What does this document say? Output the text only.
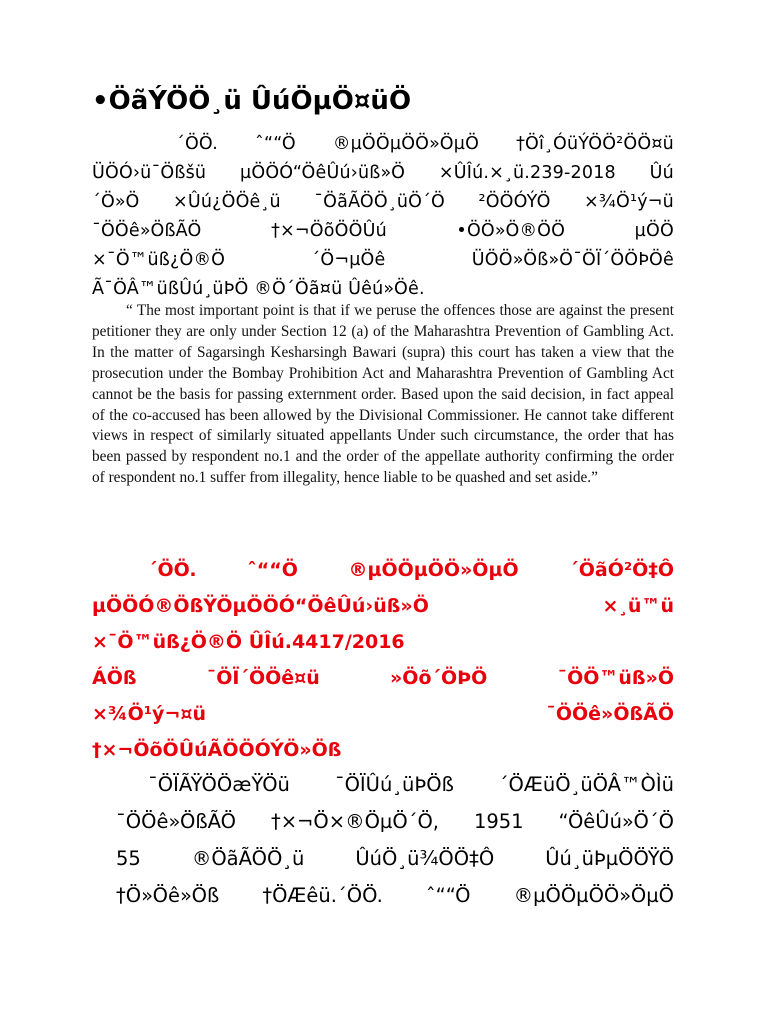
•ÖãÝÖÖ¸ü ÛúÖµÖ¤üÖ
´ÖÖ. ˆ““Ö ®µÖÖµÖÖ»ÖµÖ †Öî¸ÓüÝÖÖ²ÖÖ¤ü
ÜÖÓ›ü¯Ößšü µÖÖÓ“ÖêÛú›üß»Ö ×ÛÎú.×¸ü.239-2018 Ûú
´Ö»Ö ×Ûú¿ÖÖê¸ü ¯ÖãÃÖÖ¸üÖ´Ö ²ÖÖÓÝÖ ×¾Ö¹ý¬ü
¯ÖÖê»ÖßÃÖ	†×¬ÖõÖÖÛú	•ÖÖ»Ö®ÖÖ	µÖÖ
×¯Ö™üß¿Ö®Ö	´Ö¬µÖê	ÜÖÖ»Öß»Ö¯ÖÏ´ÖÖÞÖê
Ã¯ÖÂ™üßÛú¸üÞÖ ®Ö´Öã¤ü Ûêú»Öê.

“ The most important point is that if we peruse the offences those are against the present petitioner they are only under Section 12 (a) of the Maharashtra Prevention of Gambling Act. In the matter of Sagarsingh Kesharsingh Bawari (supra) this court has taken a view that the prosecution under the Bombay Prohibition Act and Maharashtra Prevention of Gambling Act cannot be the basis for passing externment order. Based upon the said decision, in fact appeal of the co-accused has been allowed by the Divisional Commissioner. He cannot take different views in respect of similarly situated appellants Under such circumstance, the order that has been passed by respondent no.1 and the order of the appellate authority confirming the order of respondent no.1 suffer from illegality, hence liable to be quashed and set aside.”

´ÖÖ.	ˆ““Ö	®µÖÖµÖÖ»ÖµÖ	´ÖãÓ²Ö‡Ô
µÖÖÓ®ÖßŸÖµÖÖÓ“ÖêÛú›üß»Ö	×¸ü™ü
×¯Ö™üß¿Ö®Ö ÛÎú.4417/2016
ÁÖß	¯ÖÏ´ÖÖê¤ü	»Öõ´ÖÞÖ	¯ÖÖ™üß»Ö
×¾Ö¹ý¬¤ü	¯ÖÖê»ÖßÃÖ
†×¬ÖõÖÛúÃÖÖÓÝÖ»Öß
¯ÖÏÃŸÖÖæŸÖü ¯ÖÏÛú¸üÞÖß ´ÖÆüÖ¸üÖÂ™ÒÌü
¯ÖÖê»ÖßÃÖ †×¬Ö×®ÖµÖ´Ö, 1951 “ÖêÛú»Ö´Ö
55	®ÖãÃÖÖ¸ü	ÛúÖ¸ü¾ÖÖ‡Ô	Ûú¸üÞµÖÖŸÖ
†Ö»Öê»Öß †ÖÆêü.´ÖÖ. ˆ““Ö ®µÖÖµÖÖ»ÖµÖ
